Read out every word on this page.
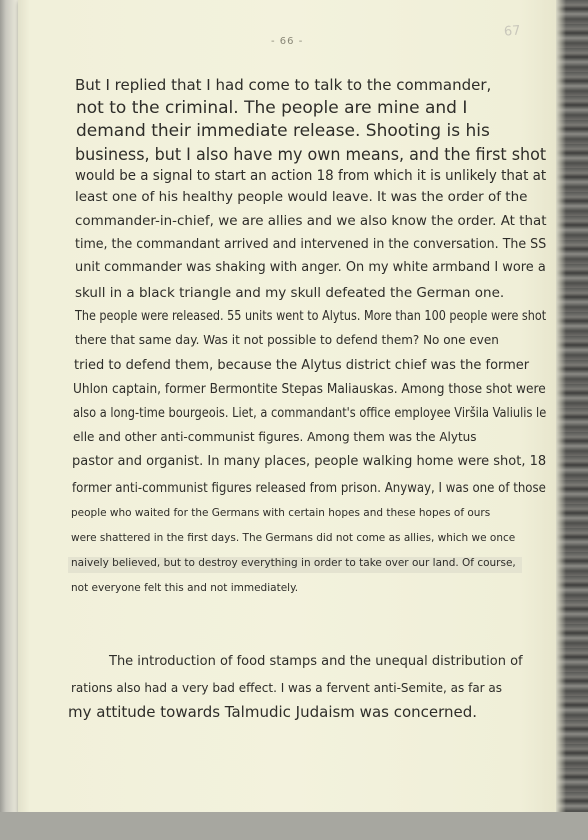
- 66 -
67
But I replied that I had come to talk to the commander,
not to the criminal. The people are mine and I
demand their immediate release. Shooting is his
business, but I also have my own means, and the first shot
would be a signal to start an action 18 from which it is unlikely that at
least one of his healthy people would leave. It was the order of the
commander-in-chief, we are allies and we also know the order. At that
time, the commandant arrived and intervened in the conversation. The SS
unit commander was shaking with anger. On my white armband I wore a
skull in a black triangle and my skull defeated the German one.
The people were released. 55 units went to Alytus. More than 100 people were shot
there that same day. Was it not possible to defend them? No one even
tried to defend them, because the Alytus district chief was the former
Uhlon captain, former Bermontite Stepas Maliauskas. Among those shot were
also a long-time bourgeois. Liet, a commandant's office employee Viršila Valiulis le
elle and other anti-communist figures. Among them was the Alytus
pastor and organist. In many places, people walking home were shot, 18
former anti-communist figures released from prison. Anyway, I was one of those
people who waited for the Germans with certain hopes and these hopes of ours
were shattered in the first days. The Germans did not come as allies, which we once
naively believed, but to destroy everything in order to take over our land. Of course,
not everyone felt this and not immediately.
The introduction of food stamps and the unequal distribution of
rations also had a very bad effect. I was a fervent anti-Semite, as far as
my attitude towards Talmudic Judaism was concerned.
